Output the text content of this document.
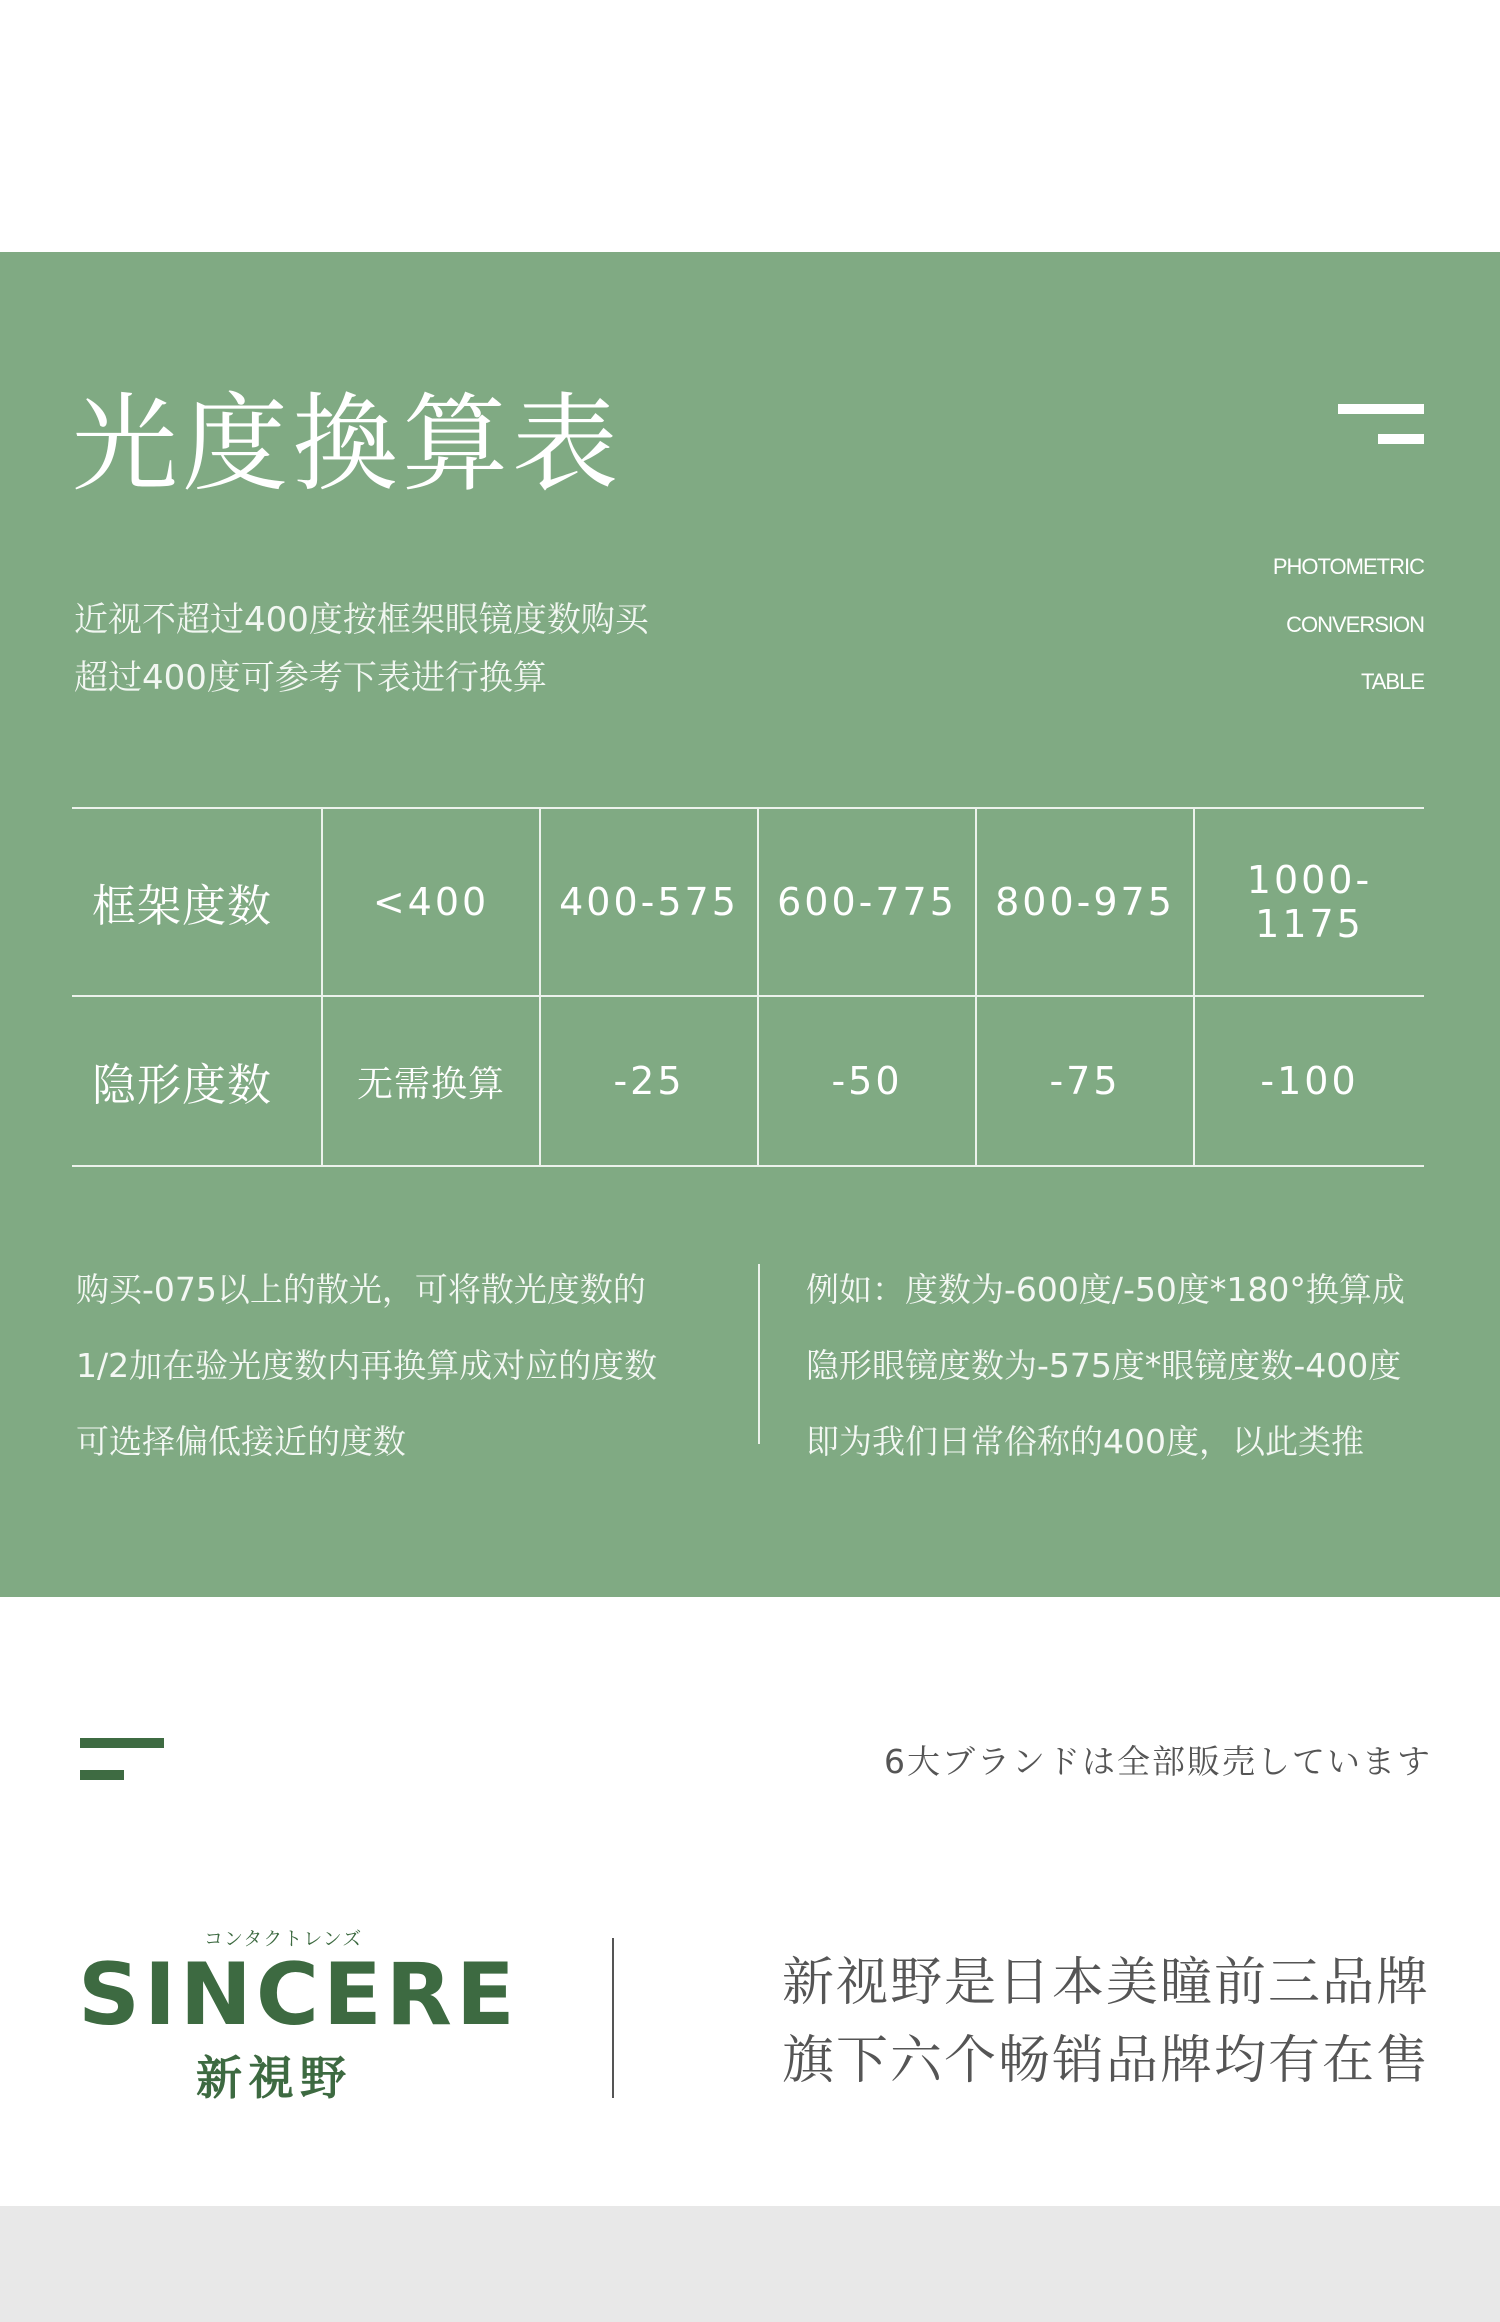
光度換算表
PHOTOMETRIC
CONVERSION
TABLE
近视不超过400度按框架眼镜度数购买
超过400度可参考下表进行换算
框架度数	<400	400-575	600-775	800-975	1000-1175
隐形度数	无需换算	-25	-50	-75	-100
购买-075以上的散光，可将散光度数的
1/2加在验光度数内再换算成对应的度数
可选择偏低接近的度数
例如：度数为-600度/-50度*180°换算成
隐形眼镜度数为-575度*眼镜度数-400度
即为我们日常俗称的400度，以此类推
6大ブランドは全部販売しています
コンタクトレンズ
SINCERE
新視野
新视野是日本美瞳前三品牌
旗下六个畅销品牌均有在售
